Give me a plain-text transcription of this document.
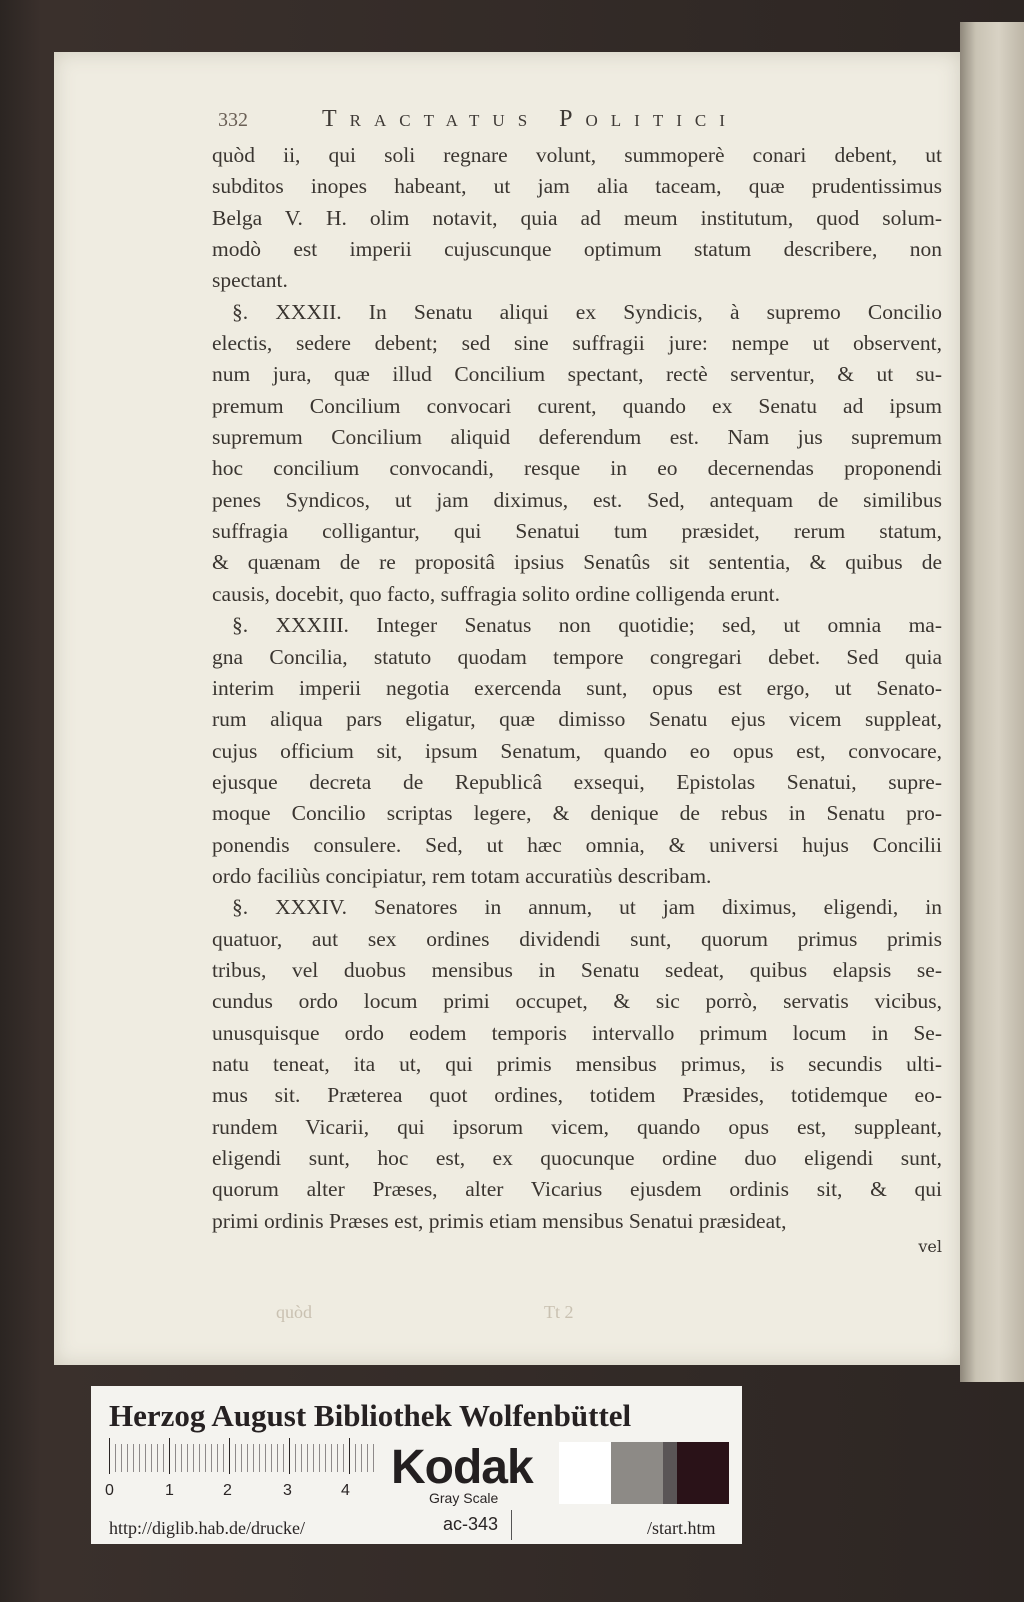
332	Tractatus Politici
quòd ii, qui soli regnare volunt, summoperè conari debent, ut
subditos inopes habeant, ut jam alia taceam, quæ prudentissimus
Belga V. H. olim notavit, quia ad meum institutum, quod solum-
modò est imperii cujuscunque optimum statum describere, non
spectant.
§. XXXII. In Senatu aliqui ex Syndicis, à supremo Concilio
electis, sedere debent; sed sine suffragii jure: nempe ut observent,
num jura, quæ illud Concilium spectant, rectè serventur, & ut su-
premum Concilium convocari curent, quando ex Senatu ad ipsum
supremum Concilium aliquid deferendum est. Nam jus supremum
hoc concilium convocandi, resque in eo decernendas proponendi
penes Syndicos, ut jam diximus, est. Sed, antequam de similibus
suffragia colligantur, qui Senatui tum præsidet, rerum statum,
& quænam de re propositâ ipsius Senatûs sit sententia, & quibus de
causis, docebit, quo facto, suffragia solito ordine colligenda erunt.
§. XXXIII. Integer Senatus non quotidie; sed, ut omnia ma-
gna Concilia, statuto quodam tempore congregari debet. Sed quia
interim imperii negotia exercenda sunt, opus est ergo, ut Senato-
rum aliqua pars eligatur, quæ dimisso Senatu ejus vicem suppleat,
cujus officium sit, ipsum Senatum, quando eo opus est, convocare,
ejusque decreta de Republicâ exsequi, Epistolas Senatui, supre-
moque Concilio scriptas legere, & denique de rebus in Senatu pro-
ponendis consulere. Sed, ut hæc omnia, & universi hujus Concilii
ordo faciliùs concipiatur, rem totam accuratiùs describam.
§. XXXIV. Senatores in annum, ut jam diximus, eligendi, in
quatuor, aut sex ordines dividendi sunt, quorum primus primis
tribus, vel duobus mensibus in Senatu sedeat, quibus elapsis se-
cundus ordo locum primi occupet, & sic porrò, servatis vicibus,
unusquisque ordo eodem temporis intervallo primum locum in Se-
natu teneat, ita ut, qui primis mensibus primus, is secundis ulti-
mus sit. Præterea quot ordines, totidem Præsides, totidemque eo-
rundem Vicarii, qui ipsorum vicem, quando opus est, suppleant,
eligendi sunt, hoc est, ex quocunque ordine duo eligendi sunt,
quorum alter Præses, alter Vicarius ejusdem ordinis sit, & qui
primi ordinis Præses est, primis etiam mensibus Senatui præsideat,
vel
quòd	Tt 2
Herzog August Bibliothek Wolfenbüttel
0	1	2	3	4 Kodak
Gray Scale
http://diglib.hab.de/drucke/	ac-343	/start.htm
